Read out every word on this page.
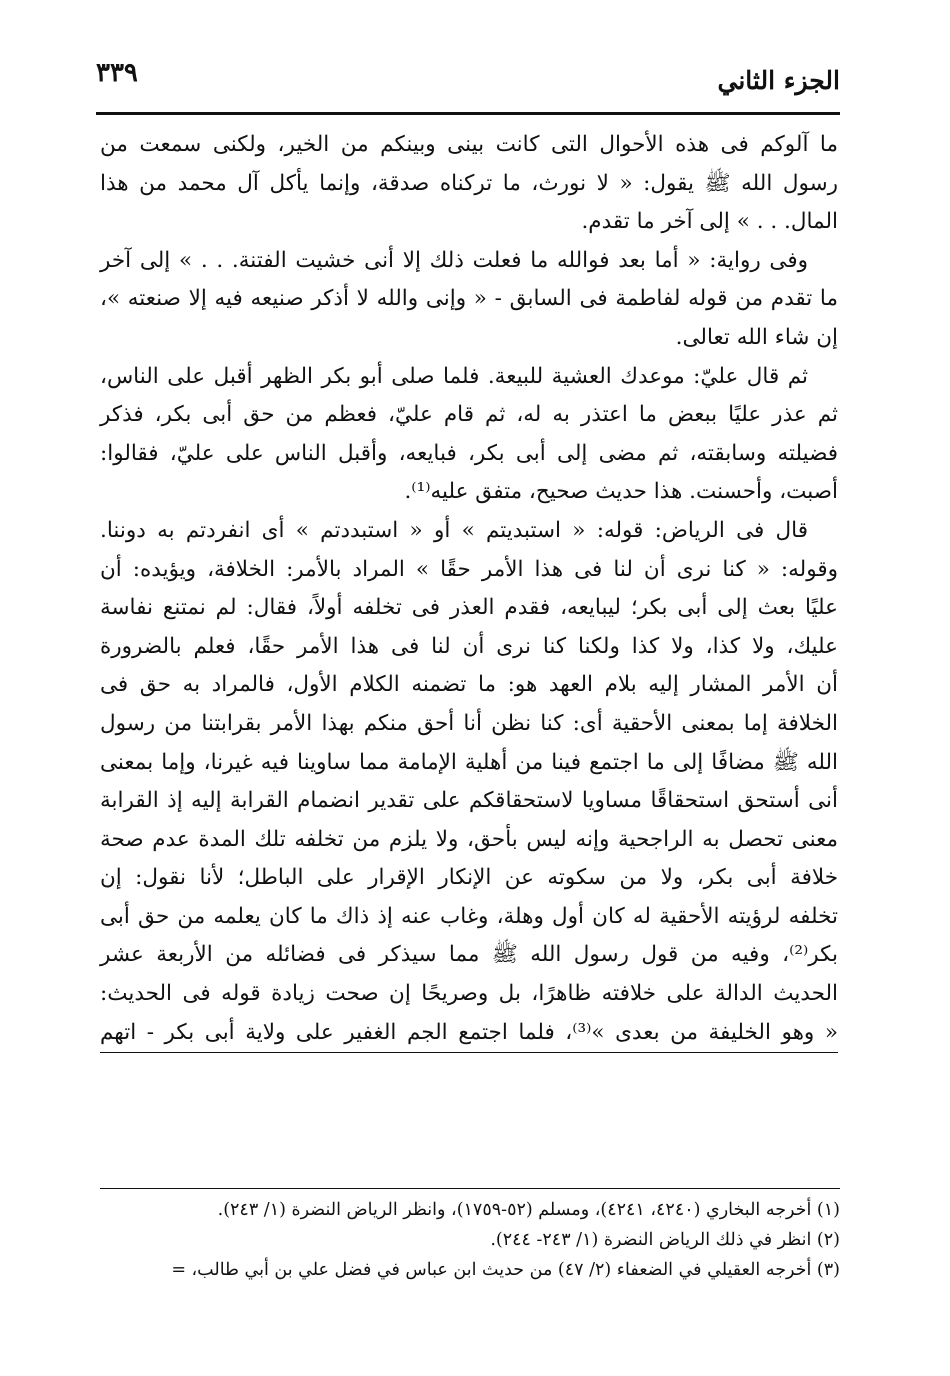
الجزء الثاني
٣٣٩

ما آلوكم فى هذه الأحوال التى كانت بينى وبينكم من الخير، ولكنى سمعت من
رسول الله ﷺ يقول: « لا نورث، ما تركناه صدقة، وإنما يأكل آل محمد من هذا
المال. . . » إلى آخر ما تقدم.

وفى رواية: « أما بعد فوالله ما فعلت ذلك إلا أنى خشيت الفتنة. . . » إلى آخر
ما تقدم من قوله لفاطمة فى السابق - « وإنى والله لا أذكر صنيعه فيه إلا صنعته »،
إن شاء الله تعالى.

ثم قال عليّ: موعدك العشية للبيعة. فلما صلى أبو بكر الظهر أقبل على الناس،
ثم عذر عليًا ببعض ما اعتذر به له، ثم قام عليّ، فعظم من حق أبى بكر، فذكر
فضيلته وسابقته، ثم مضى إلى أبى بكر، فبايعه، وأقبل الناس على عليّ، فقالوا:
أصبت، وأحسنت. هذا حديث صحيح، متفق عليه⁽¹⁾.

قال فى الرياض: قوله: « استبديتم » أو « استبددتم » أى انفردتم به دوننا.
وقوله: « كنا نرى أن لنا فى هذا الأمر حقًا » المراد بالأمر: الخلافة، ويؤيده: أن
عليًا بعث إلى أبى بكر؛ ليبايعه، فقدم العذر فى تخلفه أولاً، فقال: لم نمتنع نفاسة
عليك، ولا كذا، ولا كذا ولكنا كنا نرى أن لنا فى هذا الأمر حقًا، فعلم بالضرورة
أن الأمر المشار إليه بلام العهد هو: ما تضمنه الكلام الأول، فالمراد به حق فى
الخلافة إما بمعنى الأحقية أى: كنا نظن أنا أحق منكم بهذا الأمر بقرابتنا من رسول
الله ﷺ مضافًا إلى ما اجتمع فينا من أهلية الإمامة مما ساوينا فيه غيرنا، وإما بمعنى
أنى أستحق استحقاقًا مساويا لاستحقاقكم على تقدير انضمام القرابة إليه إذ القرابة
معنى تحصل به الراجحية وإنه ليس بأحق، ولا يلزم من تخلفه تلك المدة عدم صحة
خلافة أبى بكر، ولا من سكوته عن الإنكار الإقرار على الباطل؛ لأنا نقول: إن
تخلفه لرؤيته الأحقية له كان أول وهلة، وغاب عنه إذ ذاك ما كان يعلمه من حق أبى
بكر⁽²⁾، وفيه من قول رسول الله ﷺ مما سيذكر فى فضائله من الأربعة عشر
الحديث الدالة على خلافته ظاهرًا، بل وصريحًا إن صحت زيادة قوله فى الحديث:
« وهو الخليفة من بعدى »⁽³⁾، فلما اجتمع الجم الغفير على ولاية أبى بكر - اتهم

(١) أخرجه البخاري (٤٢٤٠، ٤٢٤١)، ومسلم (٥٢-١٧٥٩)، وانظر الرياض النضرة (١/ ٢٤٣).
(٢) انظر في ذلك الرياض النضرة (١/ ٢٤٣- ٢٤٤).
(٣) أخرجه العقيلي في الضعفاء (٢/ ٤٧) من حديث ابن عباس في فضل علي بن أبي طالب، =
